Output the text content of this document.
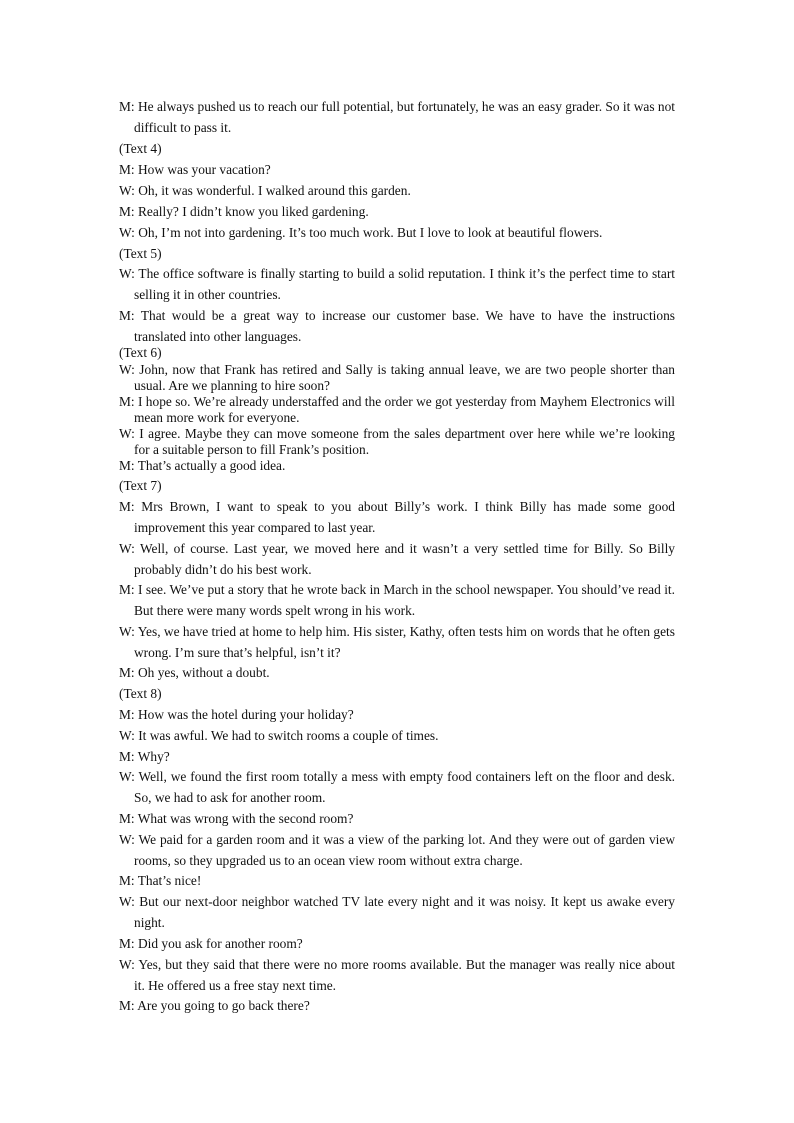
M: He always pushed us to reach our full potential, but fortunately, he was an easy grader. So it was not difficult to pass it.

(Text 4)

M: How was your vacation?

W: Oh, it was wonderful. I walked around this garden.

M: Really? I didn’t know you liked gardening.

W: Oh, I’m not into gardening. It’s too much work. But I love to look at beautiful flowers.

(Text 5)

W: The office software is finally starting to build a solid reputation. I think it’s the perfect time to start selling it in other countries.

M: That would be a great way to increase our customer base. We have to have the instructions translated into other languages.

(Text 6)

W: John, now that Frank has retired and Sally is taking annual leave, we are two people shorter than usual. Are we planning to hire soon?

M: I hope so. We’re already understaffed and the order we got yesterday from Mayhem Electronics will mean more work for everyone.

W: I agree. Maybe they can move someone from the sales department over here while we’re looking for a suitable person to fill Frank’s position.

M: That’s actually a good idea.

(Text 7)

M: Mrs Brown, I want to speak to you about Billy’s work. I think Billy has made some good improvement this year compared to last year.

W: Well, of course. Last year, we moved here and it wasn’t a very settled time for Billy. So Billy probably didn’t do his best work.

M: I see. We’ve put a story that he wrote back in March in the school newspaper. You should’ve read it. But there were many words spelt wrong in his work.

W: Yes, we have tried at home to help him. His sister, Kathy, often tests him on words that he often gets wrong. I’m sure that’s helpful, isn’t it?

M: Oh yes, without a doubt.

(Text 8)

M: How was the hotel during your holiday?

W: It was awful. We had to switch rooms a couple of times.

M: Why?

W: Well, we found the first room totally a mess with empty food containers left on the floor and desk. So, we had to ask for another room.

M: What was wrong with the second room?

W: We paid for a garden room and it was a view of the parking lot. And they were out of garden view rooms, so they upgraded us to an ocean view room without extra charge.

M: That’s nice!

W: But our next-door neighbor watched TV late every night and it was noisy. It kept us awake every night.

M: Did you ask for another room?

W: Yes, but they said that there were no more rooms available. But the manager was really nice about it. He offered us a free stay next time.

M: Are you going to go back there?
